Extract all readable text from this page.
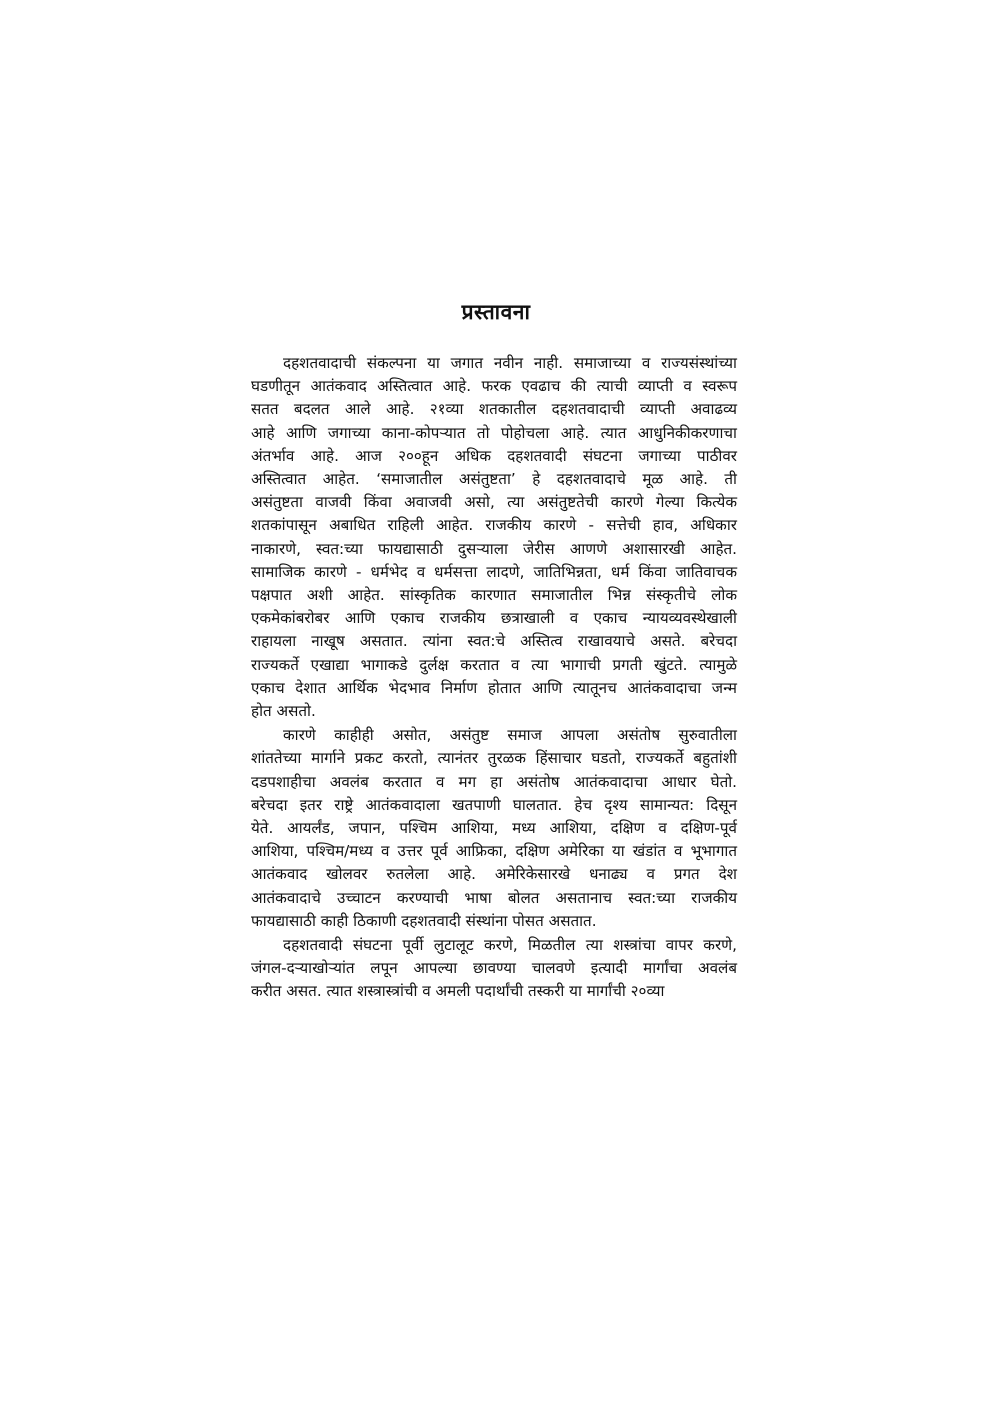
प्रस्तावना

दहशतवादाची संकल्पना या जगात नवीन नाही. समाजाच्या व राज्यसंस्थांच्या
घडणीतून आतंकवाद अस्तित्वात आहे. फरक एवढाच की त्याची व्याप्ती व स्वरूप
सतत बदलत आले आहे. २१व्या शतकातील दहशतवादाची व्याप्ती अवाढव्य
आहे आणि जगाच्या काना-कोपऱ्यात तो पोहोचला आहे. त्यात आधुनिकीकरणाचा
अंतर्भाव आहे. आज २००हून अधिक दहशतवादी संघटना जगाच्या पाठीवर
अस्तित्वात आहेत. ‘समाजातील असंतुष्टता’ हे दहशतवादाचे मूळ आहे. ती
असंतुष्टता वाजवी किंवा अवाजवी असो, त्या असंतुष्टतेची कारणे गेल्या कित्येक
शतकांपासून अबाधित राहिली आहेत. राजकीय कारणे - सत्तेची हाव, अधिकार
नाकारणे, स्वत:च्या फायद्यासाठी दुसऱ्याला जेरीस आणणे अशासारखी आहेत.
सामाजिक कारणे - धर्मभेद व धर्मसत्ता लादणे, जातिभिन्नता, धर्म किंवा जातिवाचक
पक्षपात अशी आहेत. सांस्कृतिक कारणात समाजातील भिन्न संस्कृतीचे लोक
एकमेकांबरोबर आणि एकाच राजकीय छत्राखाली व एकाच न्यायव्यवस्थेखाली
राहायला नाखूष असतात. त्यांना स्वत:चे अस्तित्व राखावयाचे असते. बरेचदा
राज्यकर्ते एखाद्या भागाकडे दुर्लक्ष करतात व त्या भागाची प्रगती खुंटते. त्यामुळे
एकाच देशात आर्थिक भेदभाव निर्माण होतात आणि त्यातूनच आतंकवादाचा जन्म
होत असतो.

कारणे काहीही असोत, असंतुष्ट समाज आपला असंतोष सुरुवातीला
शांततेच्या मार्गाने प्रकट करतो, त्यानंतर तुरळक हिंसाचार घडतो, राज्यकर्ते बहुतांशी
दडपशाहीचा अवलंब करतात व मग हा असंतोष आतंकवादाचा आधार घेतो.
बरेचदा इतर राष्ट्रे आतंकवादाला खतपाणी घालतात. हेच दृश्य सामान्यत: दिसून
येते. आयर्लंड, जपान, पश्चिम आशिया, मध्य आशिया, दक्षिण व दक्षिण-पूर्व
आशिया, पश्चिम/मध्य व उत्तर पूर्व आफ्रिका, दक्षिण अमेरिका या खंडांत व भूभागात
आतंकवाद खोलवर रुतलेला आहे. अमेरिकेसारखे धनाढ्य व प्रगत देश
आतंकवादाचे उच्चाटन करण्याची भाषा बोलत असतानाच स्वत:च्या राजकीय
फायद्यासाठी काही ठिकाणी दहशतवादी संस्थांना पोसत असतात.

दहशतवादी संघटना पूर्वी लुटालूट करणे, मिळतील त्या शस्त्रांचा वापर करणे,
जंगल-दऱ्याखोऱ्यांत लपून आपल्या छावण्या चालवणे इत्यादी मार्गांचा अवलंब
करीत असत. त्यात शस्त्रास्त्रांची व अमली पदार्थांची तस्करी या मार्गांची २०व्या
